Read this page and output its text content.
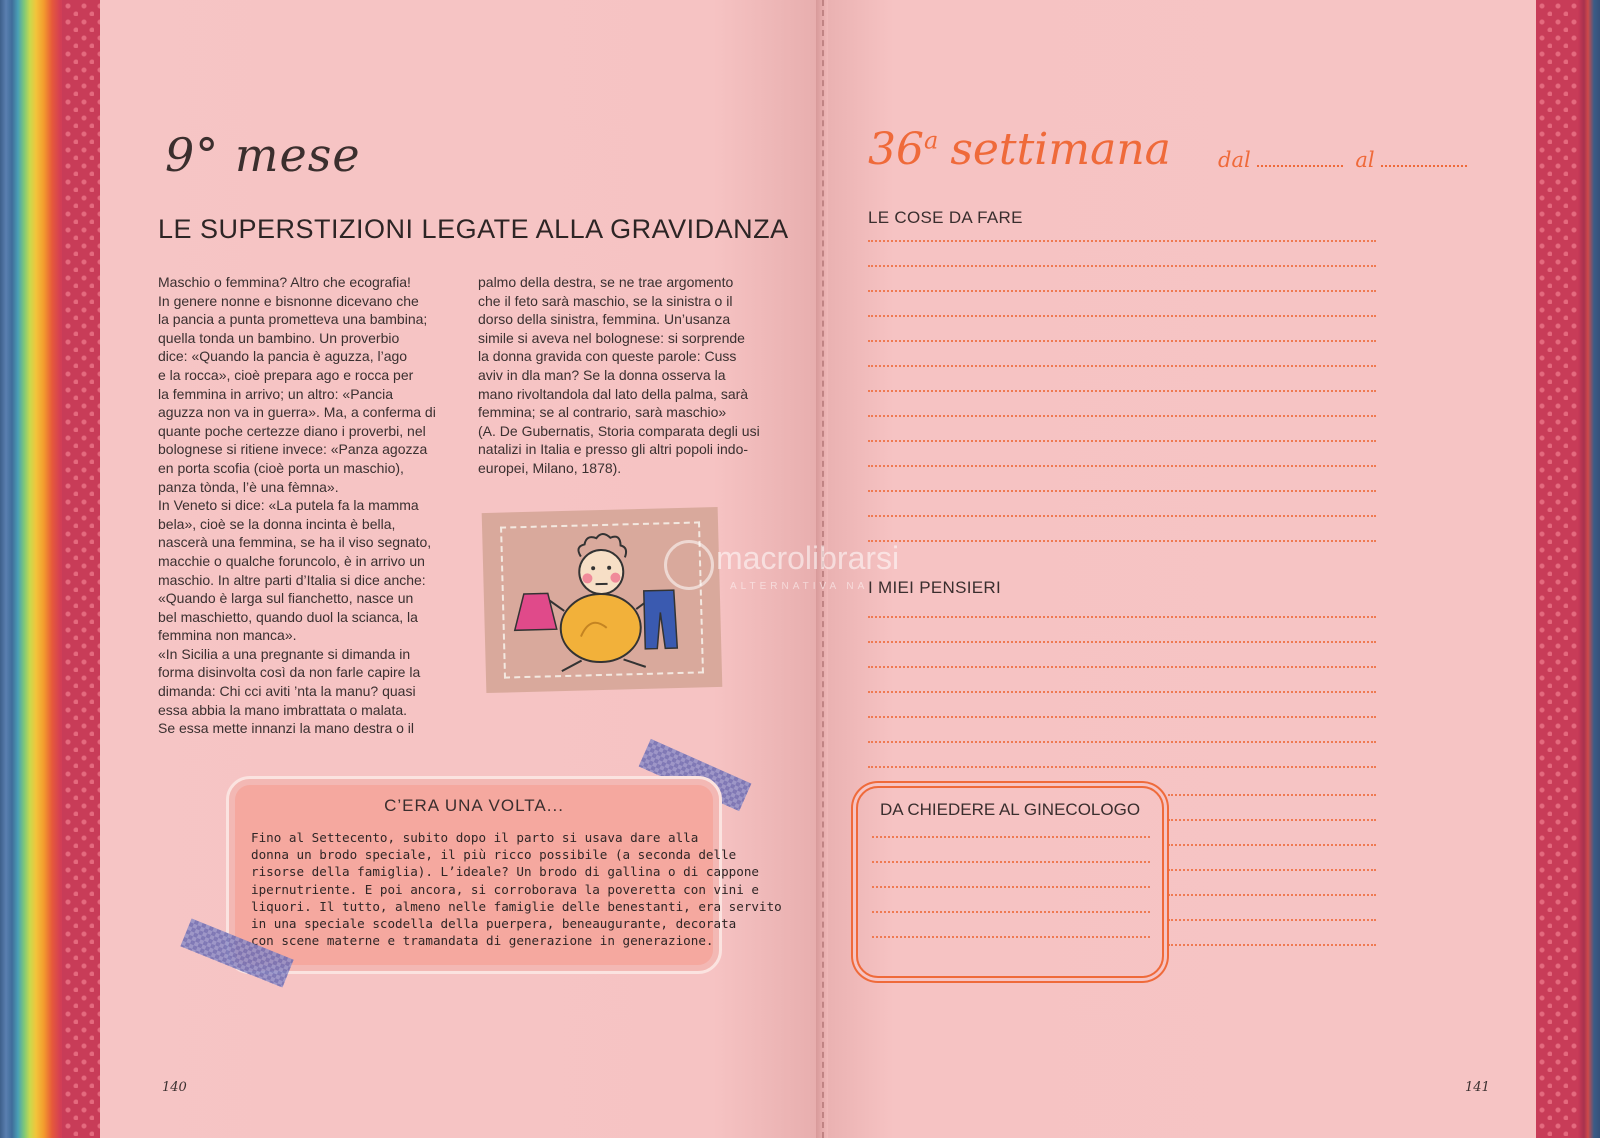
9° mese
LE SUPERSTIZIONI LEGATE ALLA GRAVIDANZA
Maschio o femmina? Altro che ecografia!
In genere nonne e bisnonne dicevano che
la pancia a punta prometteva una bambina;
quella tonda un bambino. Un proverbio
dice: «Quando la pancia è aguzza, l’ago
e la rocca», cioè prepara ago e rocca per
la femmina in arrivo; un altro: «Pancia
aguzza non va in guerra». Ma, a conferma di
quante poche certezze diano i proverbi, nel
bolognese si ritiene invece: «Panza agozza
en porta scofia (cioè porta un maschio),
panza tònda, l’è una fèmna».
In Veneto si dice: «La putela fa la mamma
bela», cioè se la donna incinta è bella,
nascerà una femmina, se ha il viso segnato,
macchie o qualche foruncolo, è in arrivo un
maschio. In altre parti d’Italia si dice anche:
«Quando è larga sul fianchetto, nasce un
bel maschietto, quando duol la scianca, la
femmina non manca».
«In Sicilia a una pregnante si dimanda in
forma disinvolta così da non farle capire la
dimanda: Chi cci aviti ’nta la manu? quasi
essa abbia la mano imbrattata o malata.
Se essa mette innanzi la mano destra o il
palmo della destra, se ne trae argomento
che il feto sarà maschio, se la sinistra o il
dorso della sinistra, femmina. Un’usanza
simile si aveva nel bolognese: si sorprende
la donna gravida con queste parole: Cuss
aviv in dla man? Se la donna osserva la
mano rivoltandola dal lato della palma, sarà
femmina; se al contrario, sarà maschio»
(A. De Gubernatis, Storia comparata degli usi
natalizi in Italia e presso gli altri popoli indo-
europei, Milano, 1878).
C’ERA UNA VOLTA...
Fino al Settecento, subito dopo il parto si usava dare alla
donna un brodo speciale, il più ricco possibile (a seconda delle
risorse della famiglia). L’ideale? Un brodo di gallina o di cappone
ipernutriente. E poi ancora, si corroborava la poveretta con vini e
liquori. Il tutto, almeno nelle famiglie delle benestanti, era servito
in una speciale scodella della puerpera, beneaugurante, decorata
con scene materne e tramandata di generazione in generazione.
140
36$^a$ settimana dal	al
LE COSE DA FARE
I MIEI PENSIERI
DA CHIEDERE AL GINECOLOGO
141
macrolibrarsi
ALTERNATIVA NA
